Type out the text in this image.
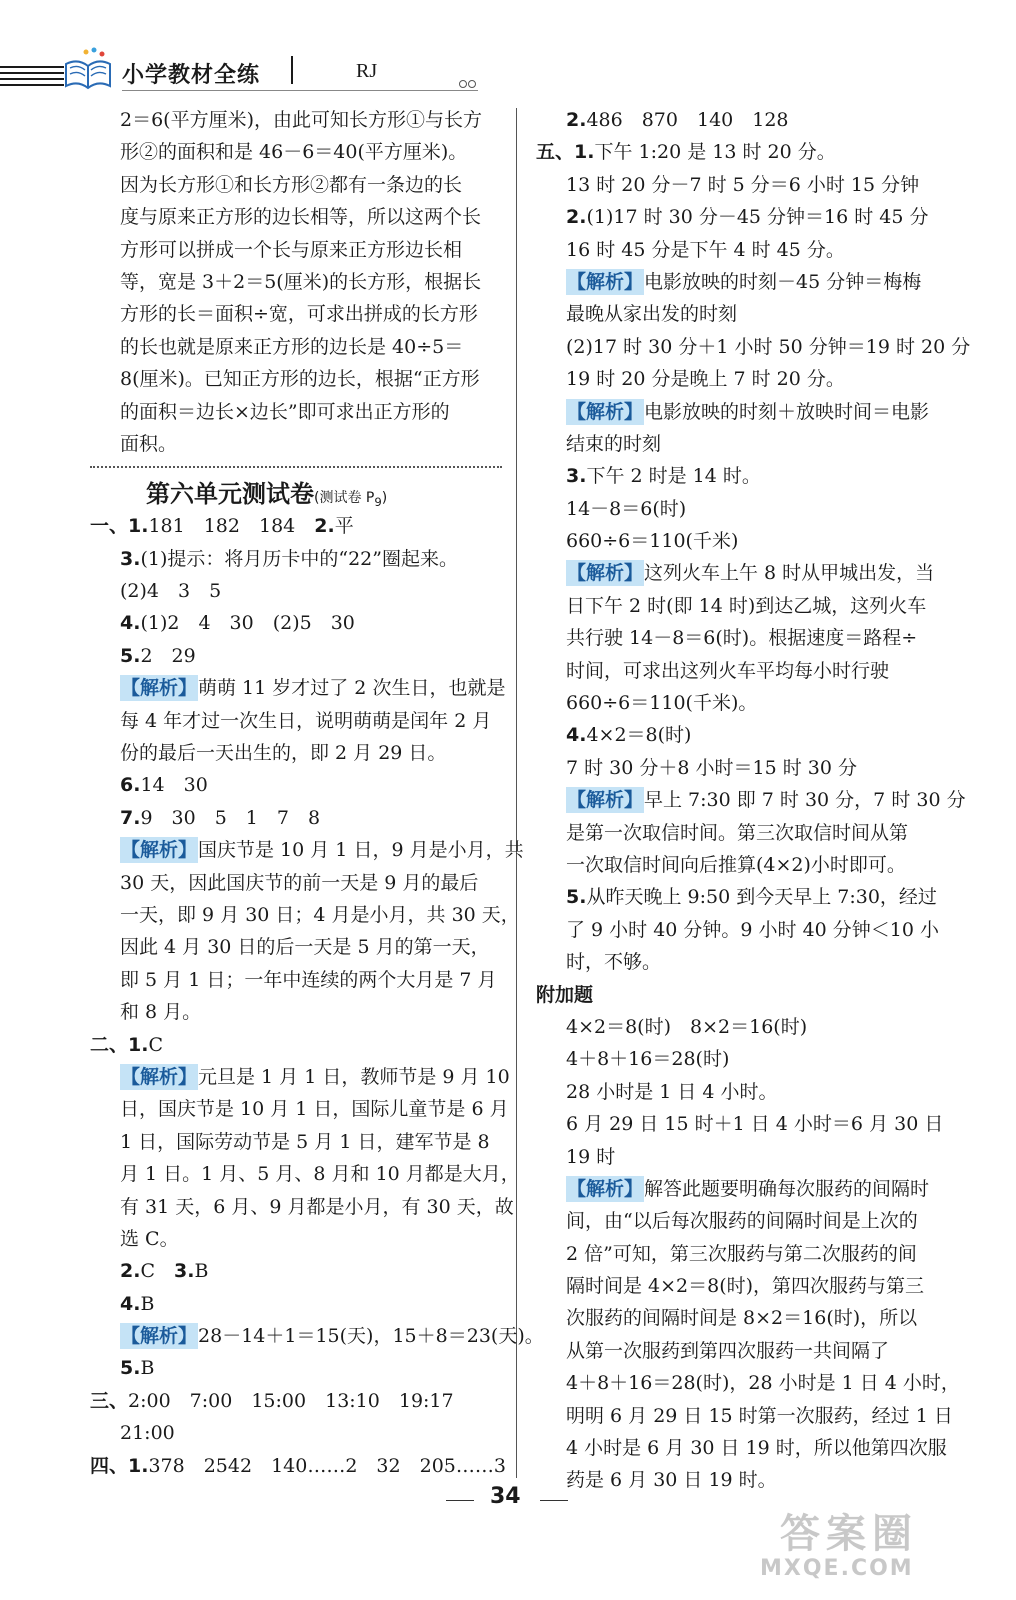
小学教材全练	RJ
2＝6(平方厘米)，由此可知长方形①与长方
形②的面积和是 46－6＝40(平方厘米)。
因为长方形①和长方形②都有一条边的长
度与原来正方形的边长相等，所以这两个长
方形可以拼成一个长与原来正方形边长相
等，宽是 3＋2＝5(厘米)的长方形，根据长
方形的长＝面积÷宽，可求出拼成的长方形
的长也就是原来正方形的边长是 40÷5＝
8(厘米)。已知正方形的边长，根据“正方形
的面积＝边长×边长”即可求出正方形的
面积。
第六单元测试卷(测试卷 $P_9$)
一、1.181　182　184　 2.平
3.(1)提示：将月历卡中的“22”圈起来。
(2)4　3　5
4.(1)2　4　30　(2)5　30
5.2　29
【解析】萌萌 11 岁才过了 2 次生日，也就是
每 4 年才过一次生日，说明萌萌是闰年 2 月
份的最后一天出生的，即 2 月 29 日。
6.14　30
7.9　30　5　1　7　8
【解析】国庆节是 10 月 1 日，9 月是小月，共
30 天，因此国庆节的前一天是 9 月的最后
一天，即 9 月 30 日；4 月是小月，共 30 天，
因此 4 月 30 日的后一天是 5 月的第一天，
即 5 月 1 日；一年中连续的两个大月是 7 月
和 8 月。
二、1.C
【解析】元旦是 1 月 1 日，教师节是 9 月 10
日，国庆节是 10 月 1 日，国际儿童节是 6 月
1 日，国际劳动节是 5 月 1 日，建军节是 8
月 1 日。1 月、5 月、8 月和 10 月都是大月，
有 31 天，6 月、9 月都是小月，有 30 天，故
选 C。
2.C　 3.B
4.B
【解析】28－14＋1＝15(天)，15＋8＝23(天)。
5.B
三、2:00　7:00　15:00　13:10　19:17
21:00
四、1.378　2542　140……2　32　205……3
2.486　870　140　128
五、1.下午 1:20 是 13 时 20 分。
13 时 20 分－7 时 5 分＝6 小时 15 分钟
2.(1)17 时 30 分－45 分钟＝16 时 45 分
16 时 45 分是下午 4 时 45 分。
【解析】电影放映的时刻－45 分钟＝梅梅
最晚从家出发的时刻
(2)17 时 30 分＋1 小时 50 分钟＝19 时 20 分
19 时 20 分是晚上 7 时 20 分。
【解析】电影放映的时刻＋放映时间＝电影
结束的时刻
3.下午 2 时是 14 时。
14－8＝6(时)
660÷6＝110(千米)
【解析】这列火车上午 8 时从甲城出发，当
日下午 2 时(即 14 时)到达乙城，这列火车
共行驶 14－8＝6(时)。根据速度＝路程÷
时间，可求出这列火车平均每小时行驶
660÷6＝110(千米)。
4.4×2＝8(时)
7 时 30 分＋8 小时＝15 时 30 分
【解析】早上 7:30 即 7 时 30 分，7 时 30 分
是第一次取信时间。第三次取信时间从第
一次取信时间向后推算(4×2)小时即可。
5.从昨天晚上 9:50 到今天早上 7:30，经过
了 9 小时 40 分钟。9 小时 40 分钟＜10 小
时，不够。
附加题
4×2＝8(时)　8×2＝16(时)
4＋8＋16＝28(时)
28 小时是 1 日 4 小时。
6 月 29 日 15 时＋1 日 4 小时＝6 月 30 日
19 时
【解析】解答此题要明确每次服药的间隔时
间，由“以后每次服药的间隔时间是上次的
2 倍”可知，第三次服药与第二次服药的间
隔时间是 4×2＝8(时)，第四次服药与第三
次服药的间隔时间是 8×2＝16(时)，所以
从第一次服药到第四次服药一共间隔了
4＋8＋16＝28(时)，28 小时是 1 日 4 小时，
明明 6 月 29 日 15 时第一次服药，经过 1 日
4 小时是 6 月 30 日 19 时，所以他第四次服
药是 6 月 30 日 19 时。
34
答案圈
MXQE.COM
